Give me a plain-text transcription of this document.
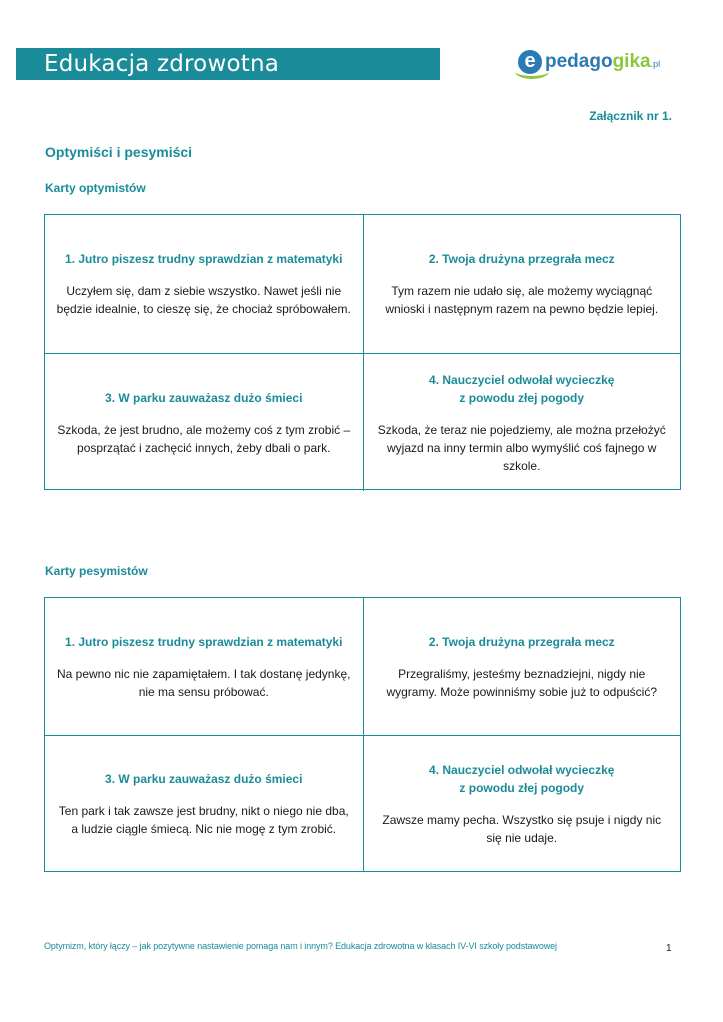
Edukacja zdrowotna	e pedagogika.pl
Załącznik nr 1.
Optymiści i pesymiści
Karty optymistów
1. Jutro piszesz trudny sprawdzian z matematyki
Uczyłem się, dam z siebie wszystko. Nawet jeśli nie będzie idealnie, to cieszę się, że chociaż spróbowałem.
2. Twoja drużyna przegrała mecz
Tym razem nie udało się, ale możemy wyciągnąć wnioski i następnym razem na pewno będzie lepiej.
3. W parku zauważasz dużo śmieci
Szkoda, że jest brudno, ale możemy coś z tym zrobić – posprzątać i zachęcić innych, żeby dbali o park.
4. Nauczyciel odwołał wycieczkę
z powodu złej pogody
Szkoda, że teraz nie pojedziemy, ale można przełożyć wyjazd na inny termin albo wymyślić coś fajnego w szkole.
Karty pesymistów
1. Jutro piszesz trudny sprawdzian z matematyki
Na pewno nic nie zapamiętałem. I tak dostanę jedynkę, nie ma sensu próbować.
2. Twoja drużyna przegrała mecz
Przegraliśmy, jesteśmy beznadziejni, nigdy nie wygramy. Może powinniśmy sobie już to odpuścić?
3. W parku zauważasz dużo śmieci
Ten park i tak zawsze jest brudny, nikt o niego nie dba, a ludzie ciągle śmiecą. Nic nie mogę z tym zrobić.
4. Nauczyciel odwołał wycieczkę
z powodu złej pogody
Zawsze mamy pecha. Wszystko się psuje i nigdy nic się nie udaje.
Optymizm, który łączy – jak pozytywne nastawienie pomaga nam i innym? Edukacja zdrowotna w klasach IV-VI szkoły podstawowej	1
